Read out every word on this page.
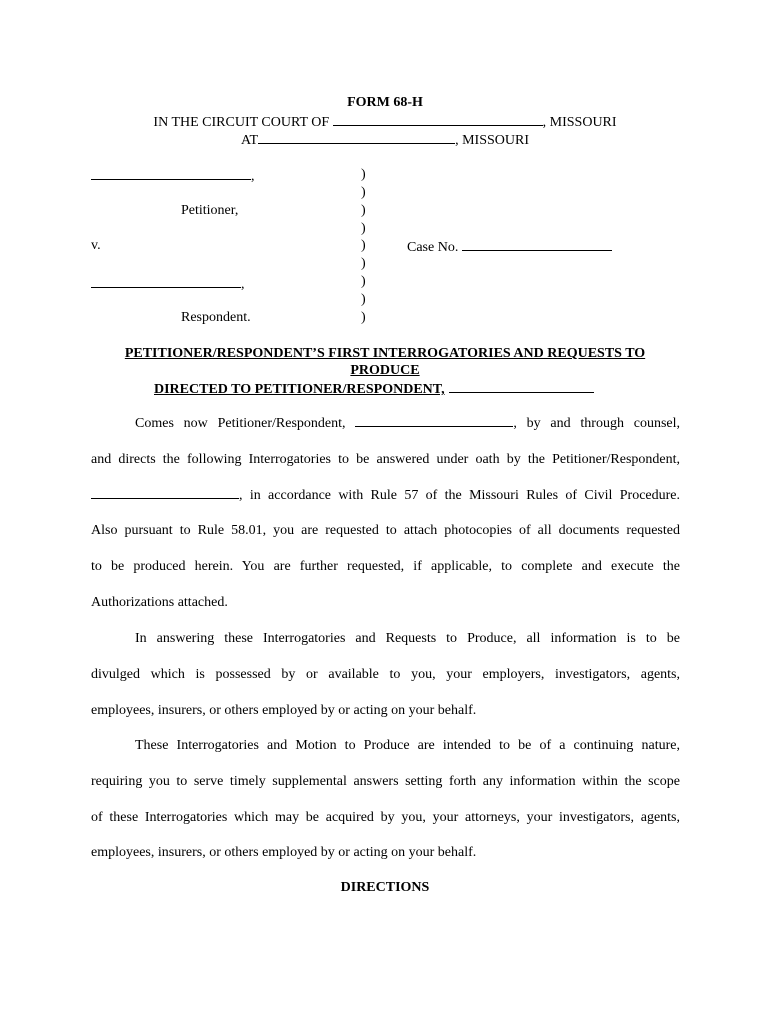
FORM 68-H
IN THE CIRCUIT COURT OF	, MISSOURI
AT	, MISSOURI
,
Petitioner,
v.
,
Respondent.
)
)
)
)
)
)
)
)
)
Case No.
PETITIONER/RESPONDENT’S FIRST INTERROGATORIES AND REQUESTS TO
PRODUCE
DIRECTED TO PETITIONER/RESPONDENT,
Comes now Petitioner/Respondent,	, by and through counsel,
and directs the following Interrogatories to be answered under oath by the Petitioner/Respondent,
, in accordance with Rule 57 of the Missouri Rules of Civil Procedure.
Also pursuant to Rule 58.01, you are requested to attach photocopies of all documents requested
to be produced herein. You are further requested, if applicable, to complete and execute the
Authorizations attached.
In answering these Interrogatories and Requests to Produce, all information is to be
divulged which is possessed by or available to you, your employers, investigators, agents,
employees, insurers, or others employed by or acting on your behalf.
These Interrogatories and Motion to Produce are intended to be of a continuing nature,
requiring you to serve timely supplemental answers setting forth any information within the scope
of these Interrogatories which may be acquired by you, your attorneys, your investigators, agents,
employees, insurers, or others employed by or acting on your behalf.
DIRECTIONS
